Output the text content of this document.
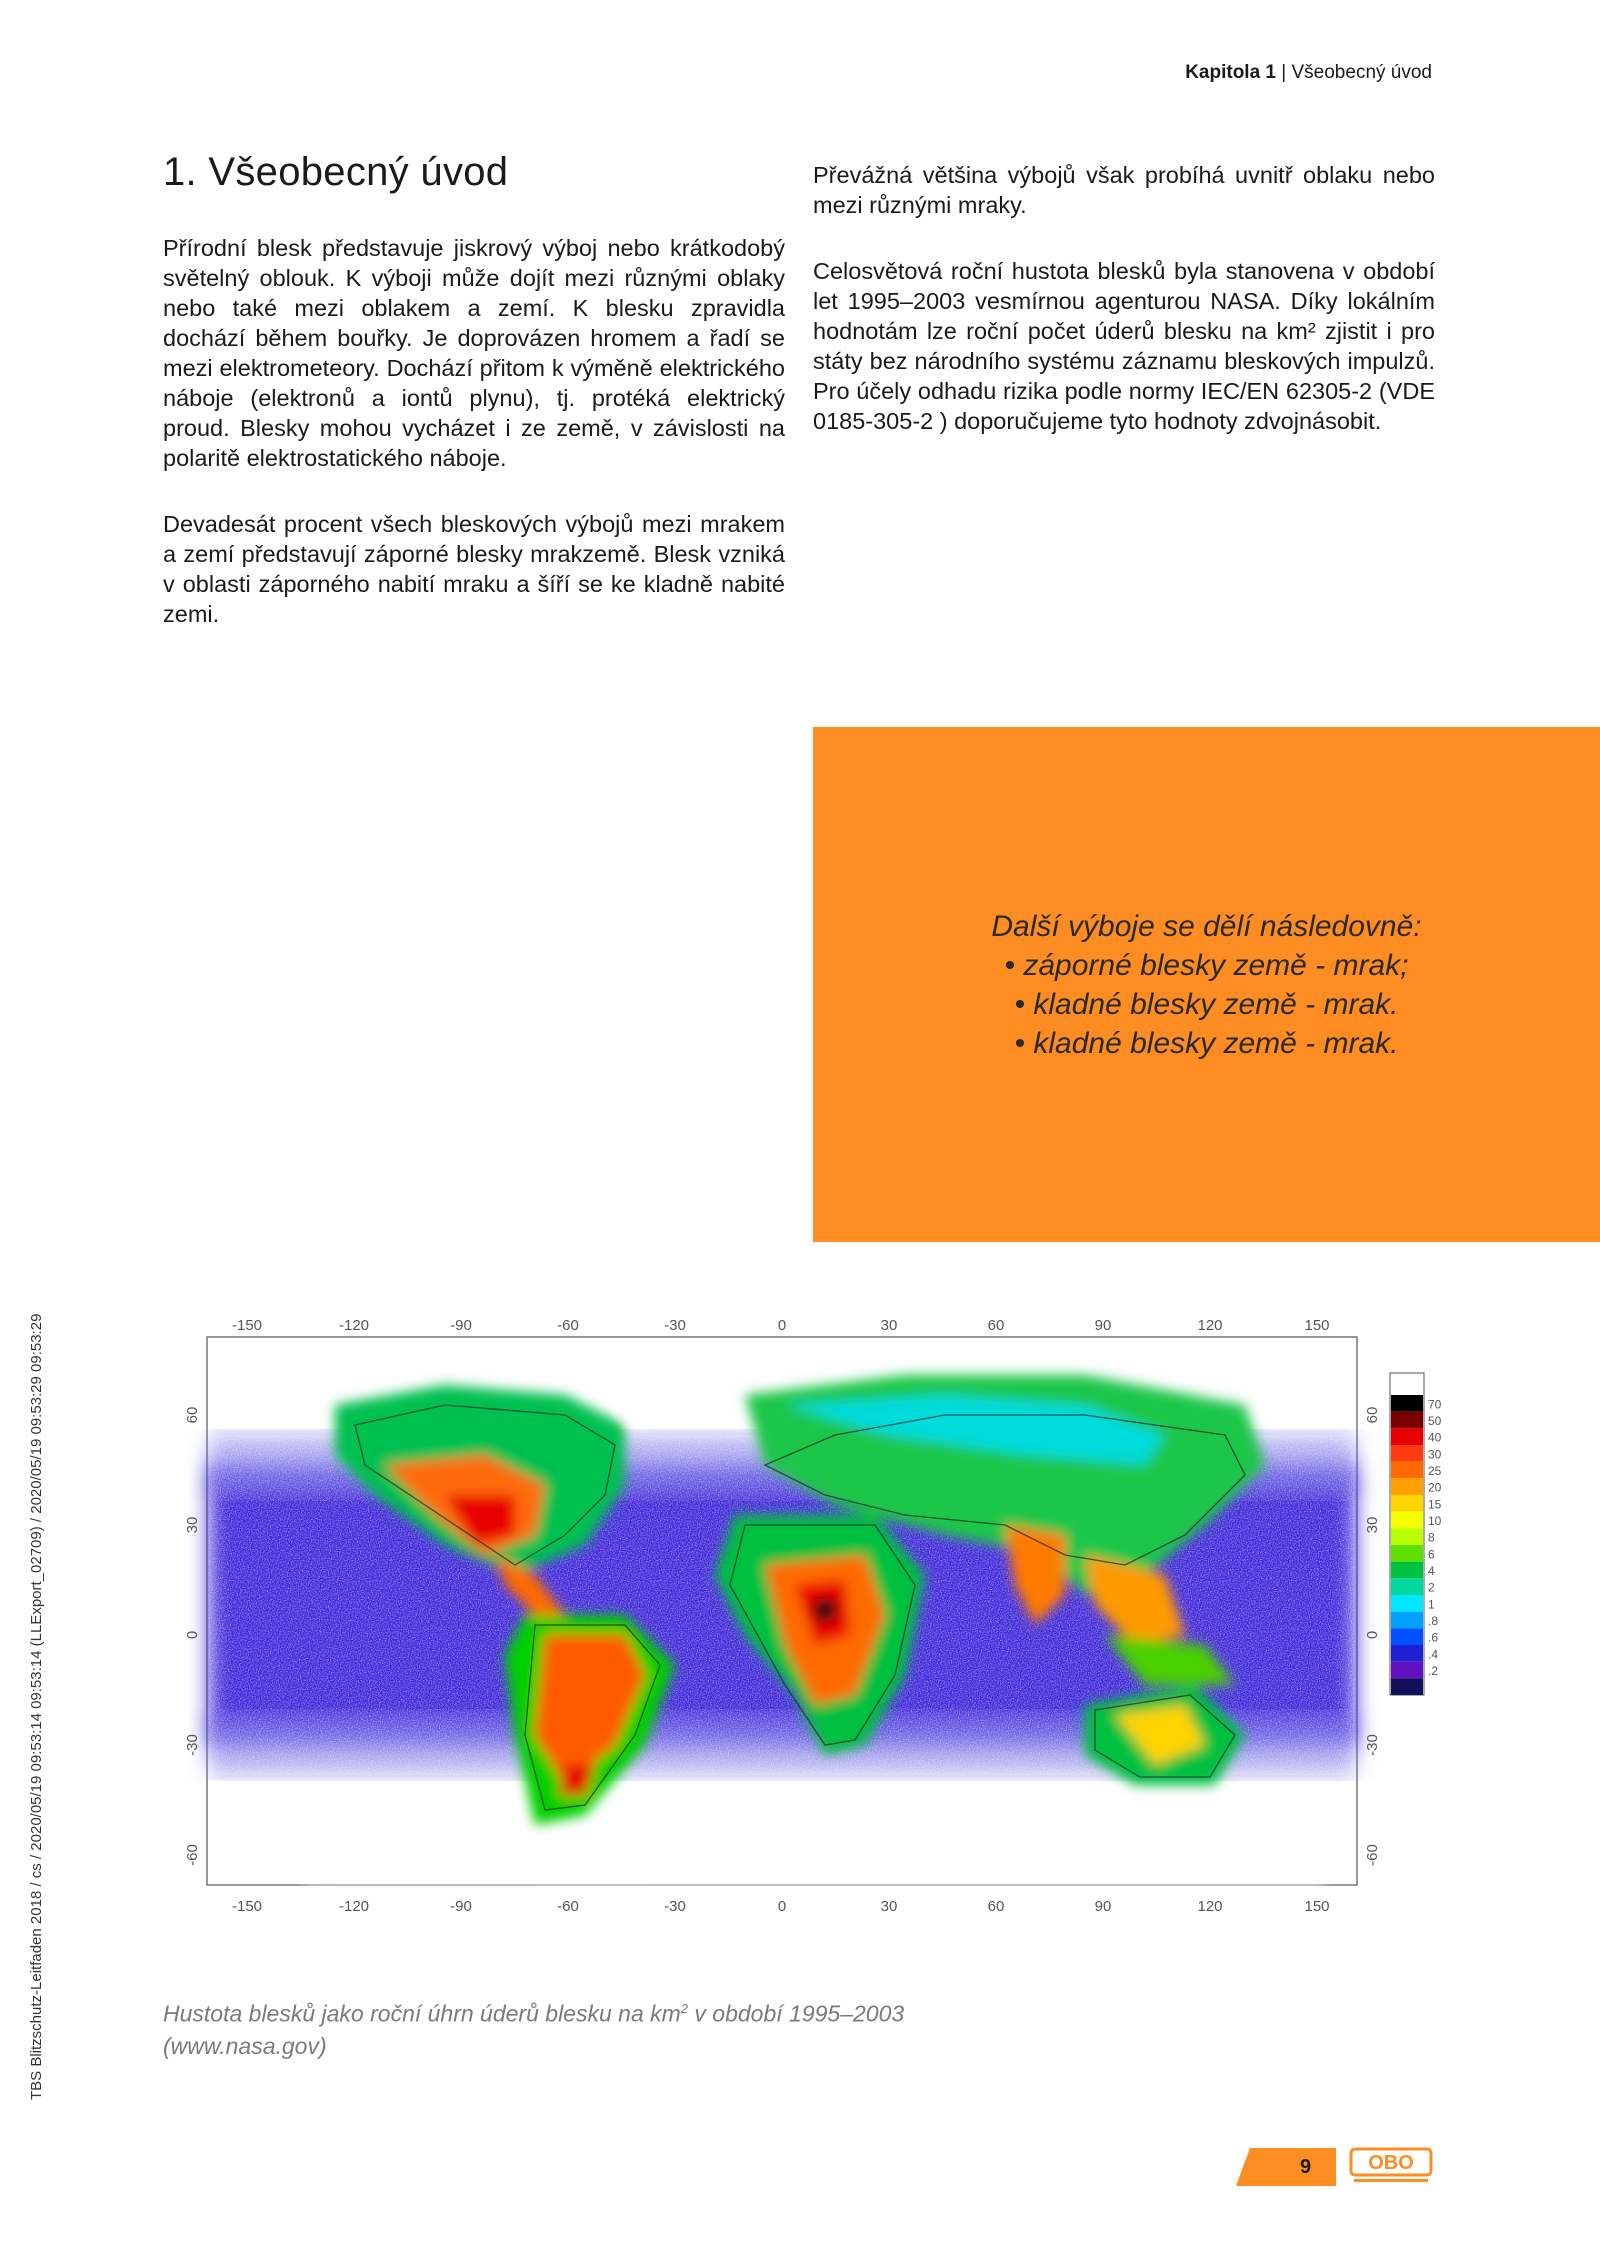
Kapitola 1 | Všeobecný úvod
1. Všeobecný úvod

Přírodní blesk představuje jiskrový výboj nebo krátkodobý světelný oblouk. K výboji může dojít mezi různými oblaky nebo také mezi oblakem a zemí. K blesku zpravidla dochází během bouřky. Je doprovázen hromem a řadí se mezi elektrometeory. Dochází přitom k výměně elektrického náboje (elektronů a iontů plynu), tj. protéká elektrický proud. Blesky mohou vycházet i ze země, v závislosti na polaritě elektrostatického náboje.

Devadesát procent všech bleskových výbojů mezi mrakem a zemí představují záporné blesky mrakzemě. Blesk vzniká v oblasti záporného nabití mraku a šíří se ke kladně nabité zemi.

Převážná většina výbojů však probíhá uvnitř oblaku nebo mezi různými mraky.

Celosvětová roční hustota blesků byla stanovena v období let 1995–2003 vesmírnou agenturou NASA. Díky lokálním hodnotám lze roční počet úderů blesku na km² zjistit i pro státy bez národního systému záznamu bleskových impulzů. Pro účely odhadu rizika podle normy IEC/EN 62305-2 (VDE 0185-305-2 ) doporučujeme tyto hodnoty zdvojnásobit.

Další výboje se dělí následovně:
• záporné blesky země - mrak;
• kladné blesky země - mrak.
• kladné blesky země - mrak.
-150	-120	-90	-60	-30	0	30	60	90	120	150
-150	-120	-90	-60	-30	0	30	60	90	120	150
60
30
0
-30
-60
60
30
0
-30
-60
70
50
40
30
25
20
15
10
8
6
4
2
1
.8
.6
.4
.2
Hustota blesků jako roční úhrn úderů blesku na $km^2$ v období 1995–2003
(www.nasa.gov)
TBS Blitzschutz-Leitfaden 2018 / cs / 2020/05/19 09:53:14 09:53:14 (LLExport_02709) / 2020/05/19 09:53:29 09:53:29
9	OBO
